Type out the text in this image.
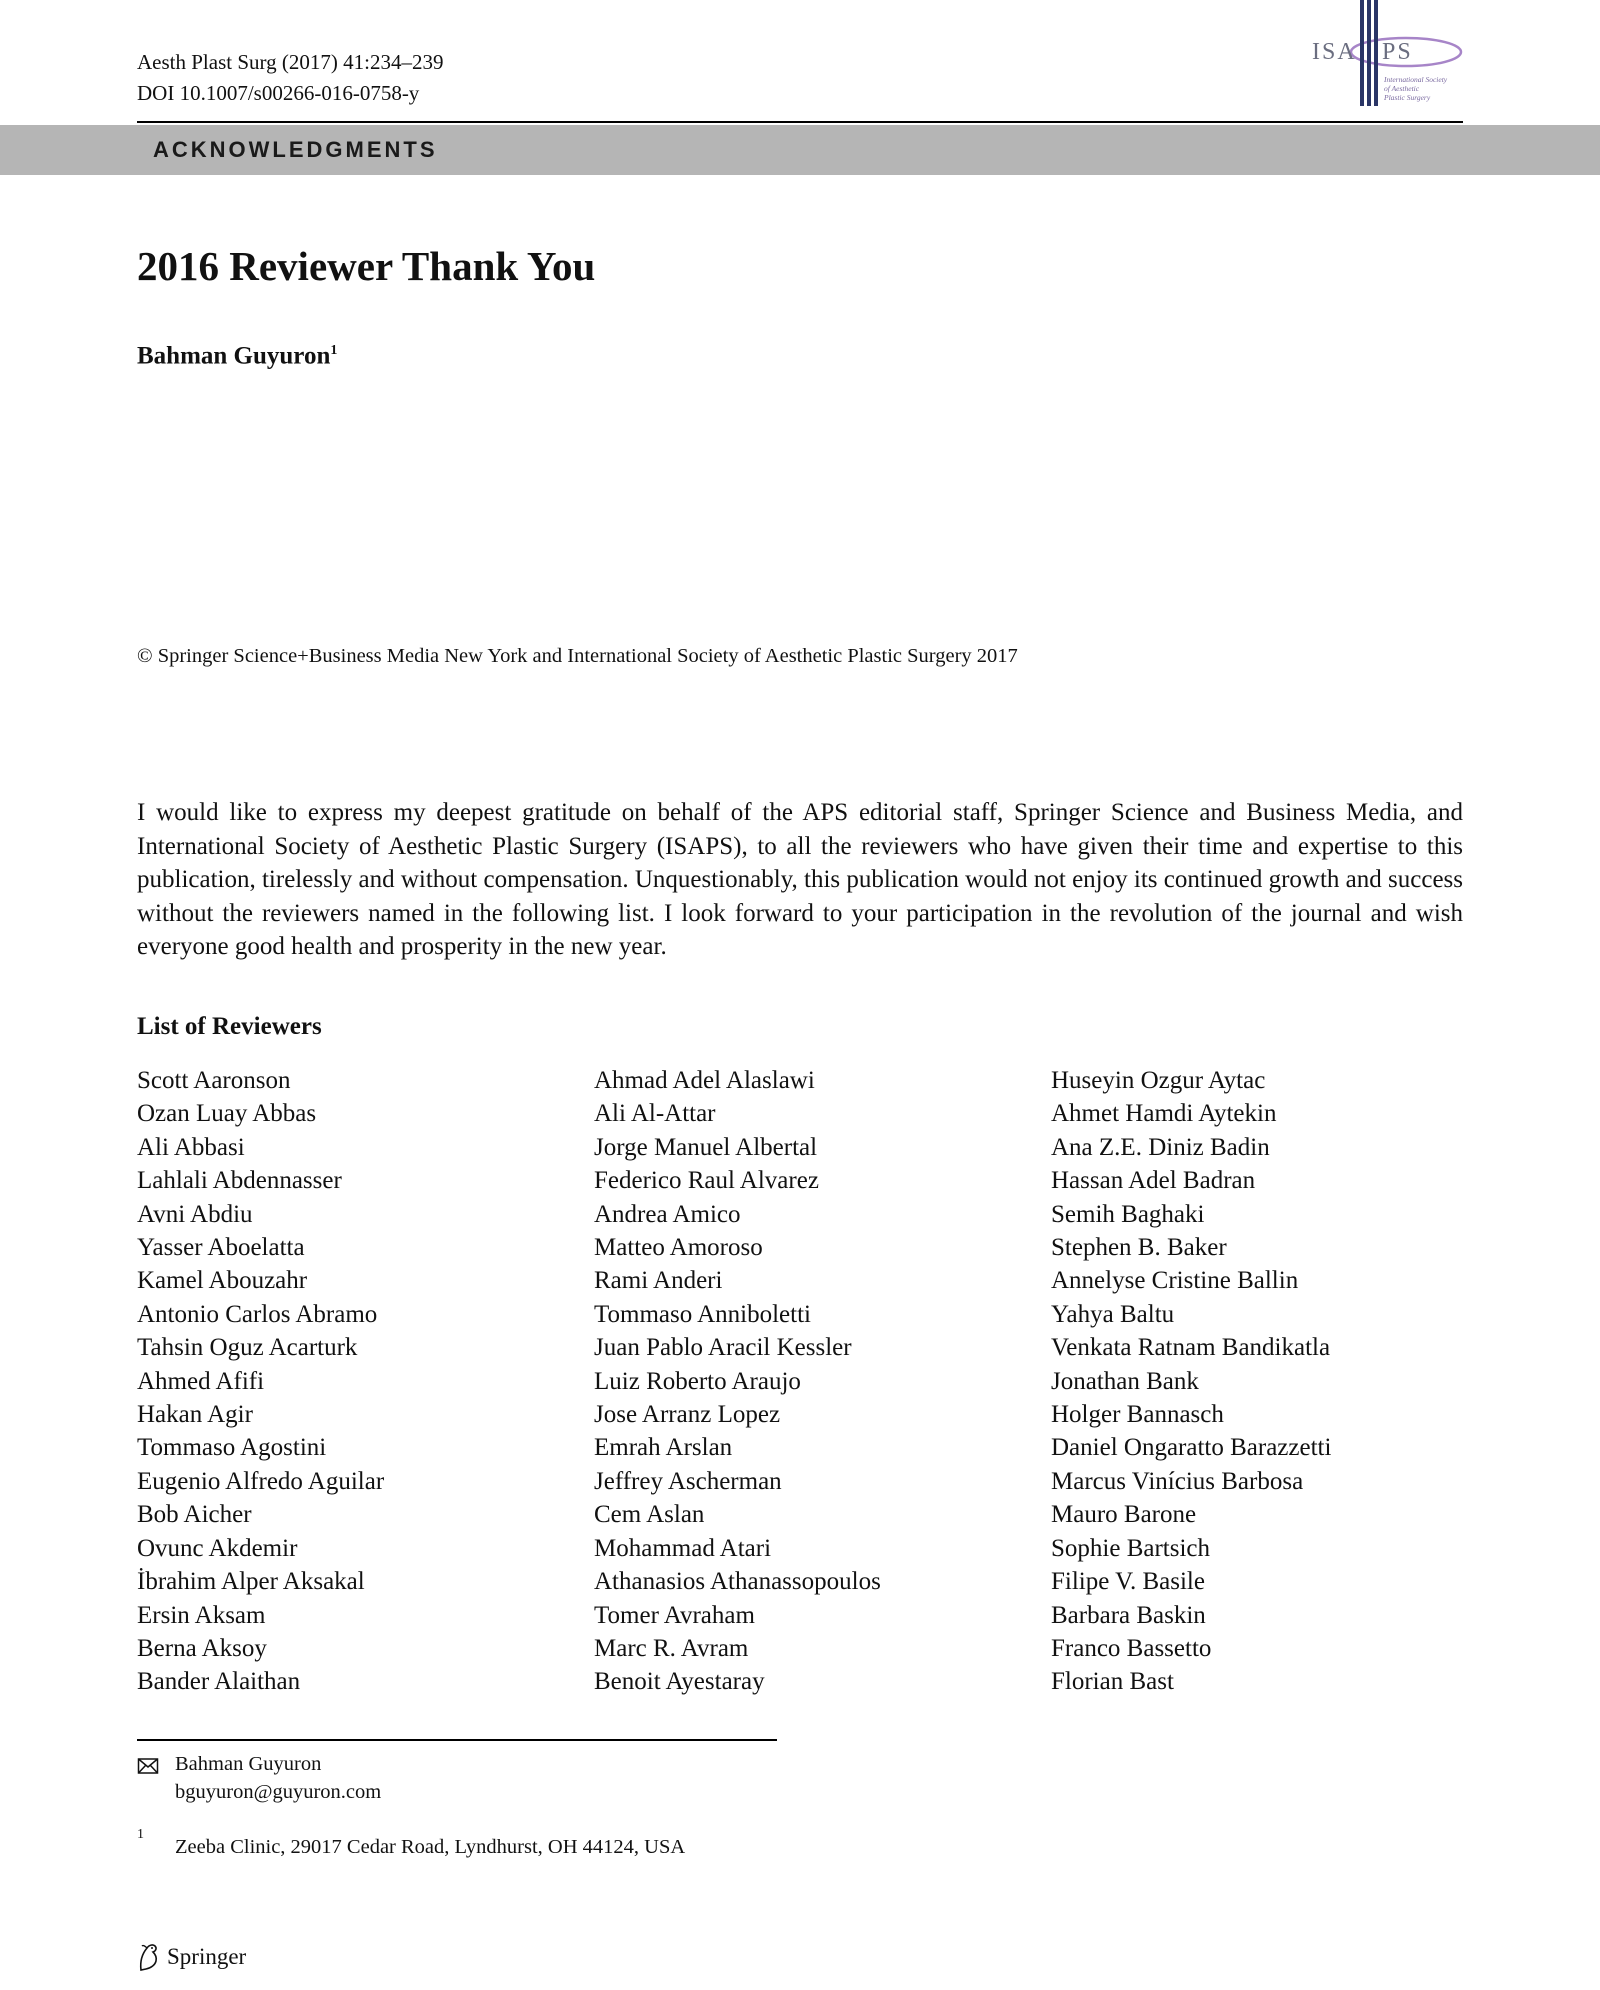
Aesth Plast Surg (2017) 41:234–239
DOI 10.1007/s00266-016-0758-y
ISA PS
International Society
of Aesthetic
Plastic Surgery
ACKNOWLEDGMENTS
2016 Reviewer Thank You
Bahman Guyuron$^1$
© Springer Science+Business Media New York and International Society of Aesthetic Plastic Surgery 2017

I would like to express my deepest gratitude on behalf of the APS editorial staff, Springer Science and Business Media, and International Society of Aesthetic Plastic Surgery (ISAPS), to all the reviewers who have given their time and expertise to this publication, tirelessly and without compensation. Unquestionably, this publication would not enjoy its continued growth and success without the reviewers named in the following list. I look forward to your participation in the revolution of the journal and wish everyone good health and prosperity in the new year.

List of Reviewers
Scott Aaronson
Ozan Luay Abbas
Ali Abbasi
Lahlali Abdennasser
Avni Abdiu
Yasser Aboelatta
Kamel Abouzahr
Antonio Carlos Abramo
Tahsin Oguz Acarturk
Ahmed Afifi
Hakan Agir
Tommaso Agostini
Eugenio Alfredo Aguilar
Bob Aicher
Ovunc Akdemir
İbrahim Alper Aksakal
Ersin Aksam
Berna Aksoy
Bander Alaithan
Ahmad Adel Alaslawi
Ali Al-Attar
Jorge Manuel Albertal
Federico Raul Alvarez
Andrea Amico
Matteo Amoroso
Rami Anderi
Tommaso Anniboletti
Juan Pablo Aracil Kessler
Luiz Roberto Araujo
Jose Arranz Lopez
Emrah Arslan
Jeffrey Ascherman
Cem Aslan
Mohammad Atari
Athanasios Athanassopoulos
Tomer Avraham
Marc R. Avram
Benoit Ayestaray
Huseyin Ozgur Aytac
Ahmet Hamdi Aytekin
Ana Z.E. Diniz Badin
Hassan Adel Badran
Semih Baghaki
Stephen B. Baker
Annelyse Cristine Ballin
Yahya Baltu
Venkata Ratnam Bandikatla
Jonathan Bank
Holger Bannasch
Daniel Ongaratto Barazzetti
Marcus Vinícius Barbosa
Mauro Barone
Sophie Bartsich
Filipe V. Basile
Barbara Baskin
Franco Bassetto
Florian Bast
Bahman Guyuron
bguyuron@guyuron.com
1
Zeeba Clinic, 29017 Cedar Road, Lyndhurst, OH 44124, USA
Springer
